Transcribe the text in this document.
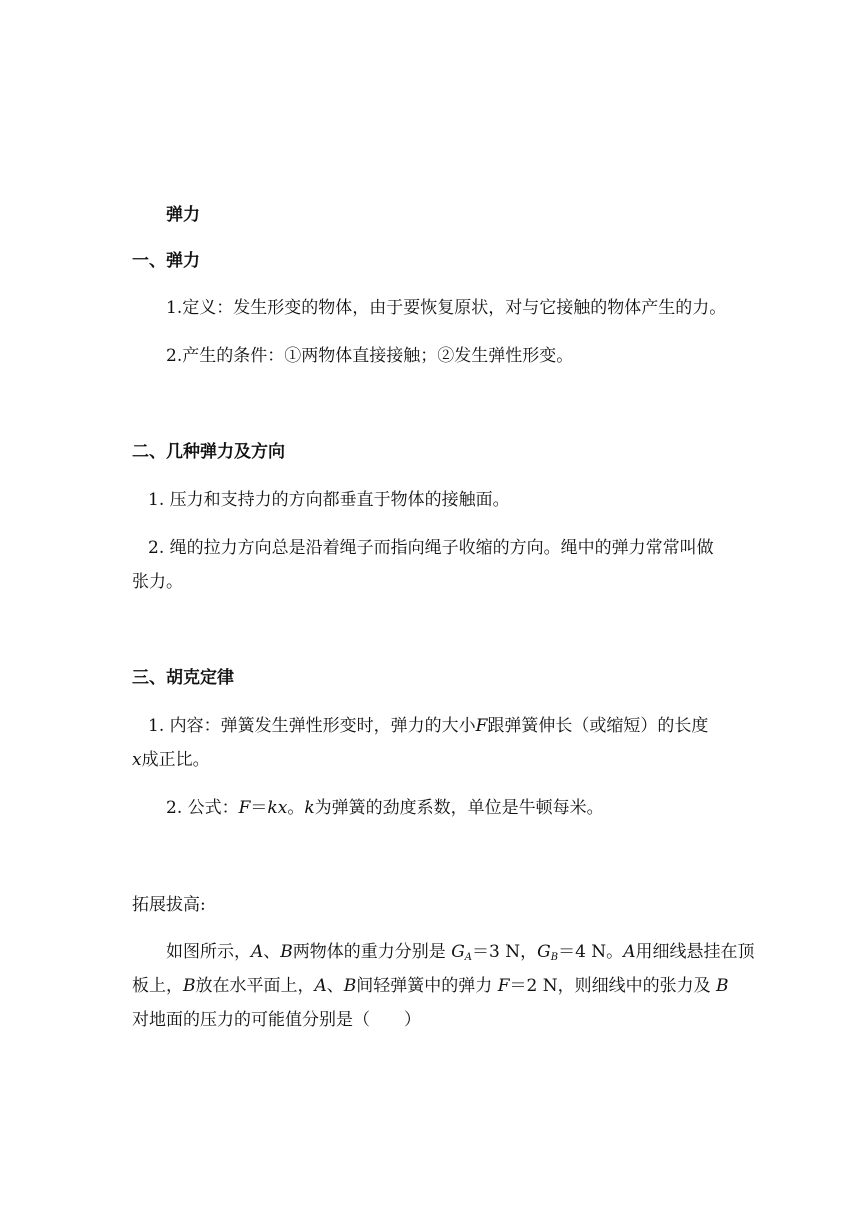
弹力
一、弹力
1.定义：发生形变的物体，由于要恢复原状，对与它接触的物体产生的力。
2.产生的条件：①两物体直接接触；②发生弹性形变。
二、几种弹力及方向
1. 压力和支持力的方向都垂直于物体的接触面。
2. 绳的拉力方向总是沿着绳子而指向绳子收缩的方向。绳中的弹力常常叫做
张力。
三、胡克定律
1. 内容：弹簧发生弹性形变时，弹力的大小F跟弹簧伸长（或缩短）的长度
x成正比。
2. 公式：F＝kx。k为弹簧的劲度系数，单位是牛顿每米。
拓展拔高:
如图所示，A、B两物体的重力分别是 $G_A=3$ N，$G_B=4$ N。A用细线悬挂在顶
板上，B放在水平面上，A、B间轻弹簧中的弹力 F＝2 N，则细线中的张力及 B
对地面的压力的可能值分别是（　　）
